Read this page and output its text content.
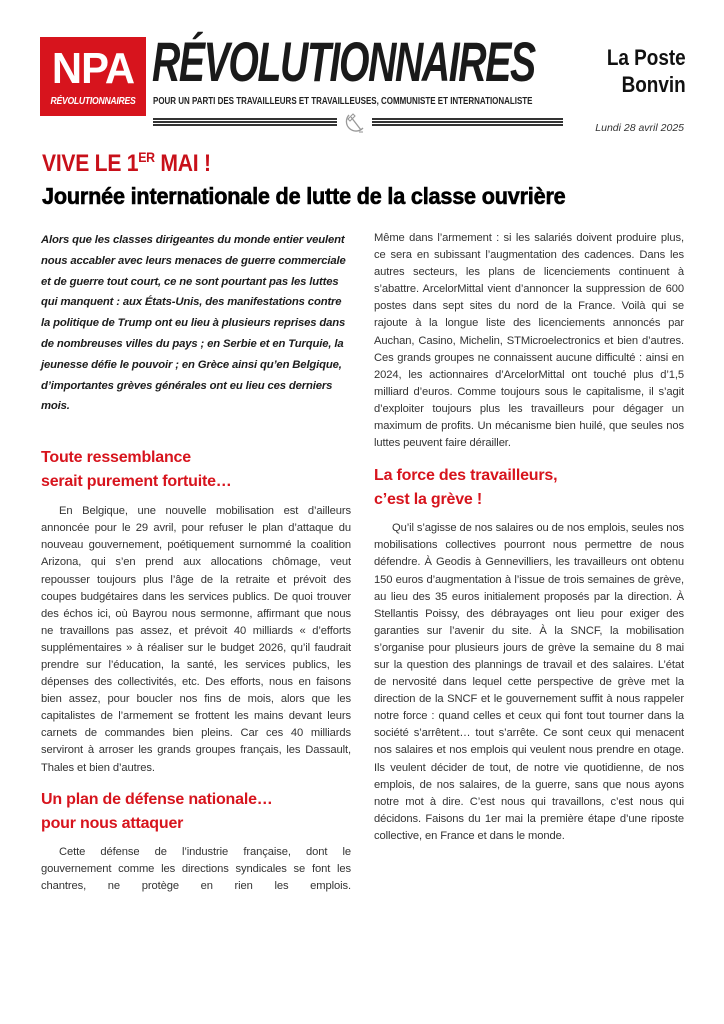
NPA
RÉVOLUTIONNAIRES
RÉVOLUTIONNAIRES
POUR UN PARTI DES TRAVAILLEURS ET TRAVAILLEUSES, COMMUNISTE ET INTERNATIONALISTE
La Poste
Bonvin
Lundi 28 avril 2025
VIVE LE 1ER MAI !
Journée internationale de lutte de la classe ouvrière

Alors que les classes dirigeantes du monde entier veulent nous accabler avec leurs menaces de guerre commerciale et de guerre tout court, ce ne sont pourtant pas les luttes qui manquent : aux États-Unis, des manifestations contre la politique de Trump ont eu lieu à plusieurs reprises dans de nombreuses villes du pays ; en Serbie et en Turquie, la jeunesse défie le pouvoir ; en Grèce ainsi qu’en Belgique, d’importantes grèves générales ont eu lieu ces derniers mois.

Toute ressemblance
serait purement fortuite…

En Belgique, une nouvelle mobilisation est d’ailleurs annoncée pour le 29 avril, pour refuser le plan d’attaque du nouveau gouvernement, poétiquement surnommé la coalition Arizona, qui s’en prend aux allocations chômage, veut repousser toujours plus l’âge de la retraite et prévoit des coupes budgétaires dans les services publics. De quoi trouver des échos ici, où Bayrou nous sermonne, affirmant que nous ne travaillons pas assez, et prévoit 40 milliards « d’efforts supplémentaires » à réaliser sur le budget 2026, qu’il faudrait prendre sur l’éducation, la santé, les services publics, les dépenses des collectivités, etc. Des efforts, nous en faisons bien assez, pour boucler nos fins de mois, alors que les capitalistes de l’armement se frottent les mains devant leurs carnets de commandes bien pleins. Car ces 40 milliards serviront à arroser les grands groupes français, les Dassault, Thales et bien d’autres.

Un plan de défense nationale…
pour nous attaquer

Cette défense de l’industrie française, dont le gouvernement comme les directions syndicales se font les chantres, ne protège en rien les emplois.

Même dans l’armement : si les salariés doivent produire plus, ce sera en subissant l’augmentation des cadences. Dans les autres secteurs, les plans de licenciements continuent à s’abattre. ArcelorMittal vient d’annoncer la suppression de 600 postes dans sept sites du nord de la France. Voilà qui se rajoute à la longue liste des licenciements annoncés par Auchan, Casino, Michelin, STMicroelectronics et bien d’autres. Ces grands groupes ne connaissent aucune difficulté : ainsi en 2024, les actionnaires d’ArcelorMittal ont touché plus d’1,5 milliard d’euros. Comme toujours sous le capitalisme, il s’agit d’exploiter toujours plus les travailleurs pour dégager un maximum de profits. Un mécanisme bien huilé, que seules nos luttes peuvent faire dérailler.

La force des travailleurs,
c’est la grève !

Qu’il s’agisse de nos salaires ou de nos emplois, seules nos mobilisations collectives pourront nous permettre de nous défendre. À Geodis à Gennevilliers, les travailleurs ont obtenu 150 euros d’augmentation à l’issue de trois semaines de grève, au lieu des 35 euros initialement proposés par la direction. À Stellantis Poissy, des débrayages ont lieu pour exiger des garanties sur l’avenir du site. À la SNCF, la mobilisation s’organise pour plusieurs jours de grève la semaine du 8 mai sur la question des plannings de travail et des salaires. L’état de nervosité dans lequel cette perspective de grève met la direction de la SNCF et le gouvernement suffit à nous rappeler notre force : quand celles et ceux qui font tout tourner dans la société s’arrêtent… tout s’arrête. Ce sont ceux qui menacent nos salaires et nos emplois qui veulent nous prendre en otage. Ils veulent décider de tout, de notre vie quotidienne, de nos emplois, de nos salaires, de la guerre, sans que nous ayons notre mot à dire. C’est nous qui travaillons, c’est nous qui décidons. Faisons du 1er mai la première étape d’une riposte collective, en France et dans le monde.
